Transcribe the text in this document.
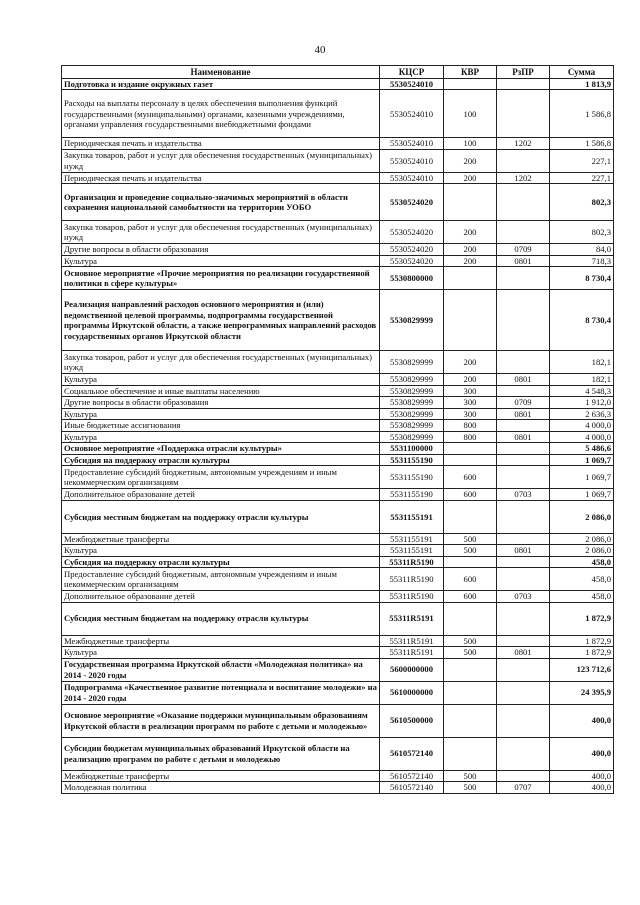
40
Наименование	КЦСР	КВР	РзПР	Сумма
Подготовка и издание окружных газет	5530524010			1 813,9
Расходы на выплаты персоналу в целях обеспечения выполнения функций государственными (муниципальными) органами, казенными учреждениями, органами управления государственными внебюджетными фондами	5530524010	100		1 586,8
Периодическая печать и издательства	5530524010	100	1202	1 586,8
Закупка товаров, работ и услуг для обеспечения государственных (муниципальных) нужд	5530524010	200		227,1
Периодическая печать и издательства	5530524010	200	1202	227,1
Организация и проведение социально-значимых мероприятий в области сохранения национальной самобытности на территории УОБО	5530524020			802,3
Закупка товаров, работ и услуг для обеспечения государственных (муниципальных) нужд	5530524020	200		802,3
Другие вопросы в области образования	5530524020	200	0709	84,0
Культура	5530524020	200	0801	718,3
Основное мероприятие «Прочие мероприятия по реализации государственной политики в сфере культуры»	5530800000			8 730,4
Реализация направлений расходов основного мероприятия и (или) ведомственной целевой программы, подпрограммы государственной программы Иркутской области, а также непрограммных направлений расходов государственных органов Иркутской области	5530829999			8 730,4
Закупка товаров, работ и услуг для обеспечения государственных (муниципальных) нужд	5530829999	200		182,1
Культура	5530829999	200	0801	182,1
Социальное обеспечение и иные выплаты населению	5530829999	300		4 548,3
Другие вопросы в области образования	5530829999	300	0709	1 912,0
Культура	5530829999	300	0801	2 636,3
Иные бюджетные ассигнования	5530829999	800		4 000,0
Культура	5530829999	800	0801	4 000,0
Основное мероприятие «Поддержка отрасли культуры»	5531100000			5 486,6
Субсидия на поддержку отрасли культуры	5531155190			1 069,7
Предоставление субсидий бюджетным, автономным учреждениям и иным некоммерческим организациям	5531155190	600		1 069,7
Дополнительное образование детей	5531155190	600	0703	1 069,7
Субсидия местным бюджетам на поддержку отрасли культуры	5531155191			2 086,0
Межбюджетные трансферты	5531155191	500		2 086,0
Культура	5531155191	500	0801	2 086,0
Субсидия на поддержку отрасли культуры	55311R5190			458,0
Предоставление субсидий бюджетным, автономным учреждениям и иным некоммерческим организациям	55311R5190	600		458,0
Дополнительное образование детей	55311R5190	600	0703	458,0
Субсидия местным бюджетам на поддержку отрасли культуры	55311R5191			1 872,9
Межбюджетные трансферты	55311R5191	500		1 872,9
Культура	55311R5191	500	0801	1 872,9
Государственная программа Иркутской области «Молодежная политика» на 2014 - 2020 годы	5600000000			123 712,6
Подпрограмма «Качественное развитие потенциала и воспитание молодежи» на 2014 - 2020 годы	5610000000			24 395,9
Основное мероприятие «Оказание поддержки муниципальным образованиям Иркутской области в реализации программ по работе с детьми и молодежью»	5610500000			400,0
Субсидии бюджетам муниципальных образований Иркутской области на реализацию программ по работе с детьми и молодежью	5610572140			400,0
Межбюджетные трансферты	5610572140	500		400,0
Молодежная политика	5610572140	500	0707	400,0
